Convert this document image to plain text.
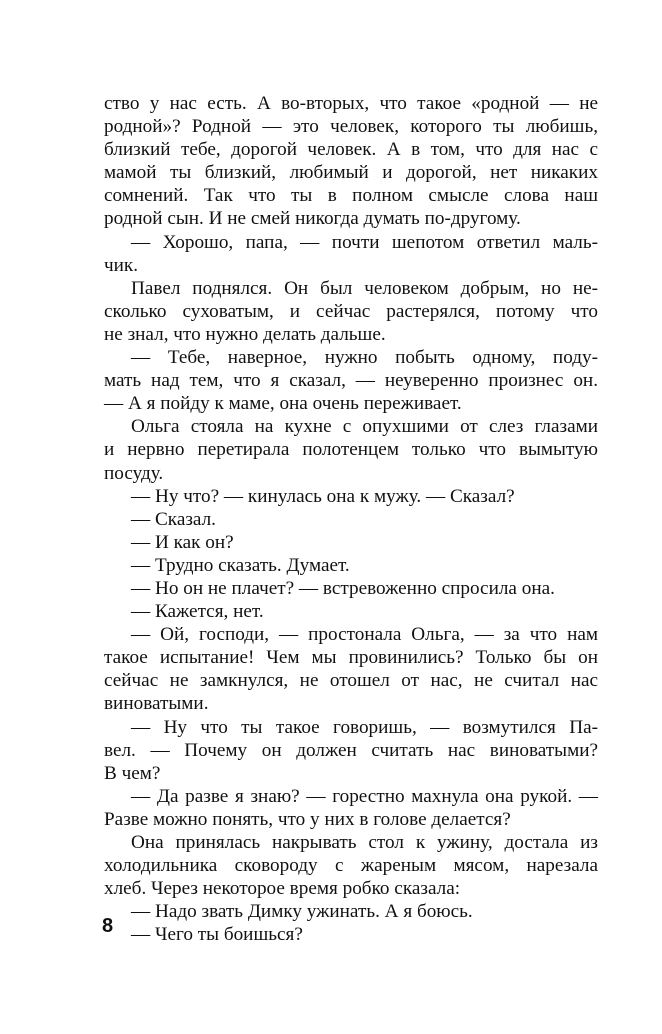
ство у нас есть. А во-вторых, что такое «родной — не
родной»? Родной — это человек, которого ты любишь,
близкий тебе, дорогой человек. А в том, что для нас с
мамой ты близкий, любимый и дорогой, нет никаких
сомнений. Так что ты в полном смысле слова наш
родной сын. И не смей никогда думать по-другому.
— Хорошо, папа, — почти шепотом ответил маль-
чик.
Павел поднялся. Он был человеком добрым, но не-
сколько суховатым, и сейчас растерялся, потому что
не знал, что нужно делать дальше.
— Тебе, наверное, нужно побыть одному, поду-
мать над тем, что я сказал, — неуверенно произнес он.
— А я пойду к маме, она очень переживает.
Ольга стояла на кухне с опухшими от слез глазами
и нервно перетирала полотенцем только что вымытую
посуду.
— Ну что? — кинулась она к мужу. — Сказал?
— Сказал.
— И как он?
— Трудно сказать. Думает.
— Но он не плачет? — встревоженно спросила она.
— Кажется, нет.
— Ой, господи, — простонала Ольга, — за что нам
такое испытание! Чем мы провинились? Только бы он
сейчас не замкнулся, не отошел от нас, не считал нас
виноватыми.
— Ну что ты такое говоришь, — возмутился Па-
вел. — Почему он должен считать нас виноватыми?
В чем?
— Да разве я знаю? — горестно махнула она рукой. —
Разве можно понять, что у них в голове делается?
Она принялась накрывать стол к ужину, достала из
холодильника сковороду с жареным мясом, нарезала
хлеб. Через некоторое время робко сказала:
— Надо звать Димку ужинать. А я боюсь.
— Чего ты боишься?
8
